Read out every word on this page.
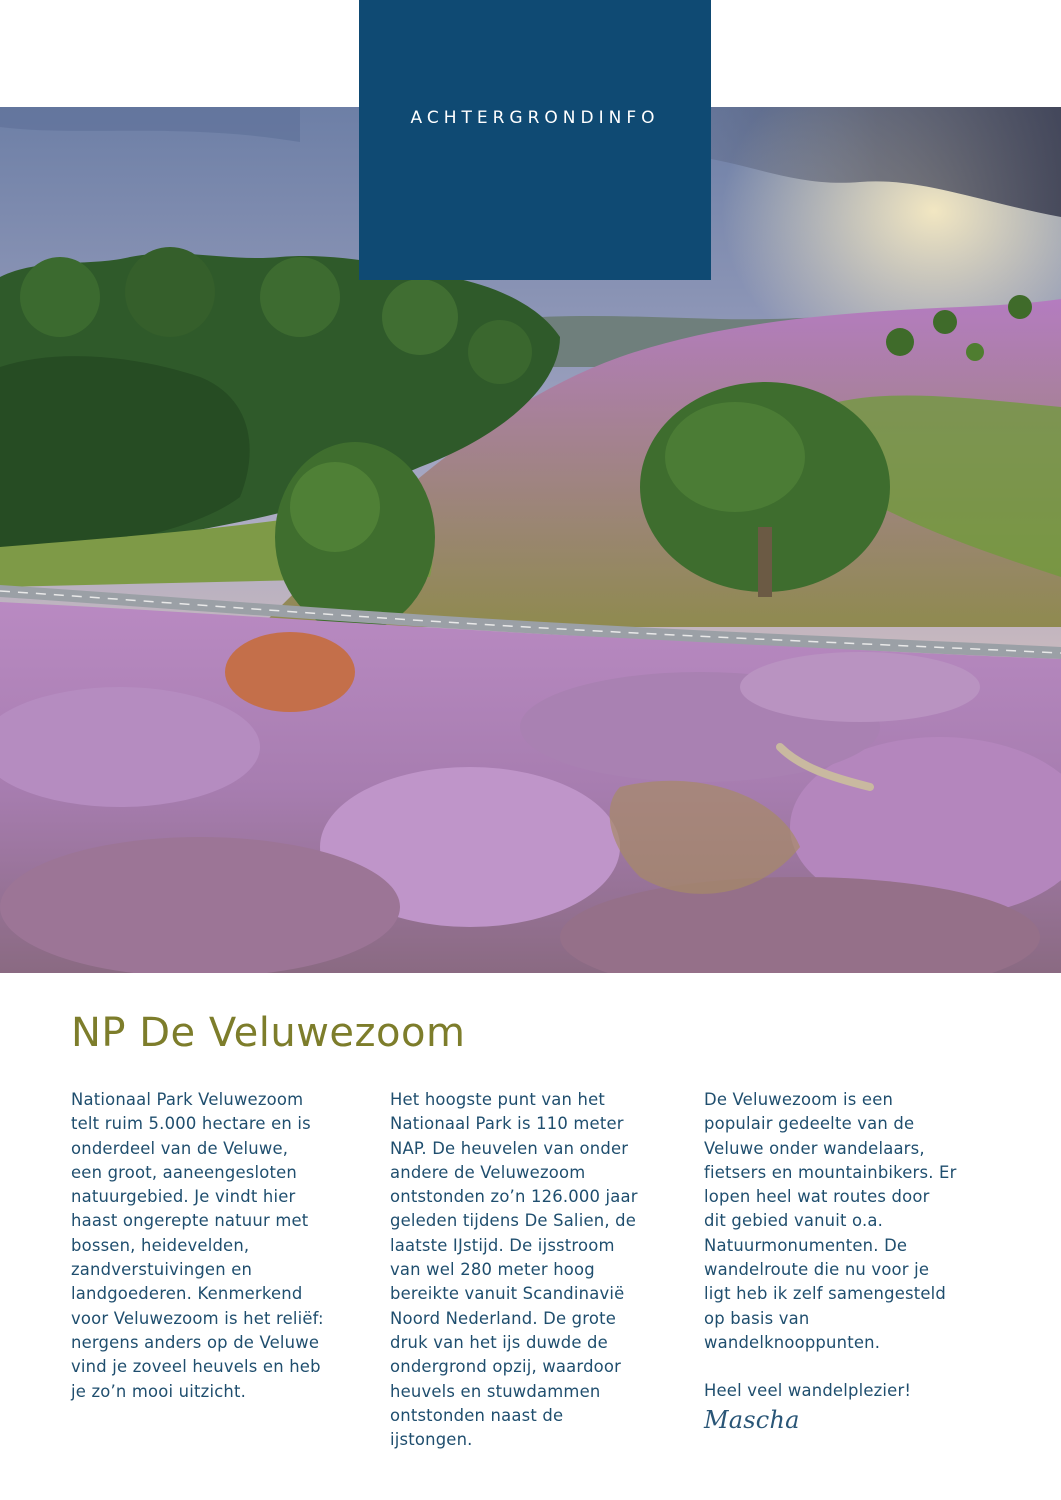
ACHTERGRONDINFO
NP De Veluwezoom

Nationaal Park Veluwezoom
telt ruim 5.000 hectare en is
onderdeel van de Veluwe,
een groot, aaneengesloten
natuurgebied. Je vindt hier
haast ongerepte natuur met
bossen, heidevelden,
zandverstuivingen en
landgoederen. Kenmerkend
voor Veluwezoom is het reliëf:
nergens anders op de Veluwe
vind je zoveel heuvels en heb
je zo’n mooi uitzicht.

Het hoogste punt van het
Nationaal Park is 110 meter
NAP. De heuvelen van onder
andere de Veluwezoom
ontstonden zo’n 126.000 jaar
geleden tijdens De Salien, de
laatste IJstijd. De ijsstroom
van wel 280 meter hoog
bereikte vanuit Scandinavië
Noord Nederland. De grote
druk van het ijs duwde de
ondergrond opzij, waardoor
heuvels en stuwdammen
ontstonden naast de
ijstongen.

De Veluwezoom is een
populair gedeelte van de
Veluwe onder wandelaars,
fietsers en mountainbikers. Er
lopen heel wat routes door
dit gebied vanuit o.a.
Natuurmonumenten. De
wandelroute die nu voor je
ligt heb ik zelf samengesteld
op basis van
wandelknooppunten.

Heel veel wandelplezier!

Mascha
